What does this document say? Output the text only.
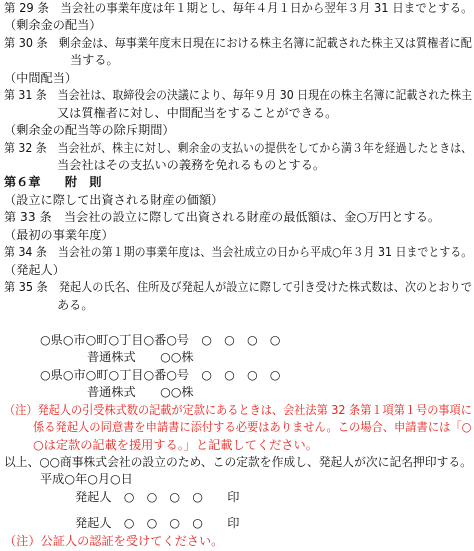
第 29 条　当会社の事業年度は年１期とし、毎年４月１日から翌年３月 31 日までとする。
（剰余金の配当）
第 30 条　剰余金は、毎事業年度末日現在における株主名簿に記載された株主又は質権者に配
当する。
（中間配当）
第 31 条　当会社は、取締役会の決議により、毎年９月 30 日現在の株主名簿に記載された株主
又は質権者に対し、中間配当をすることができる。
（剰余金の配当等の除斥期間）
第 32 条　当会社が、株主に対し、剰余金の支払いの提供をしてから満３年を経過したときは、
当会社はその支払いの義務を免れるものとする。
第６章　　附　則
（設立に際して出資される財産の価額）
第 33 条　当会社の設立に際して出資される財産の最低額は、金○万円とする。
（最初の事業年度）
第 34 条　当会社の第１期の事業年度は、当会社成立の日から平成○年３月 31 日までとする。
（発起人）
第 35 条　発起人の氏名、住所及び発起人が設立に際して引き受けた株式数は、次のとおりで
ある。
○県○市○町○丁目○番○号　○　○　○　○
普通株式　　○○株
○県○市○町○丁目○番○号　○　○　○　○
普通株式　　○○株
（注）発起人の引受株式数の記載が定款にあるときは、会社法第 32 条第１項第１号の事項に
係る発起人の同意書を申請書に添付する必要はありません。この場合、申請書には「○
○は定款の記載を援用する。」と記載してください。
以上、○○商事株式会社の設立のため、この定款を作成し、発起人が次に記名押印する。
平成○年○月○日
発起人　○　○　○　○　　印
発起人　○　○　○　○　　印
（注）公証人の認証を受けてください。
